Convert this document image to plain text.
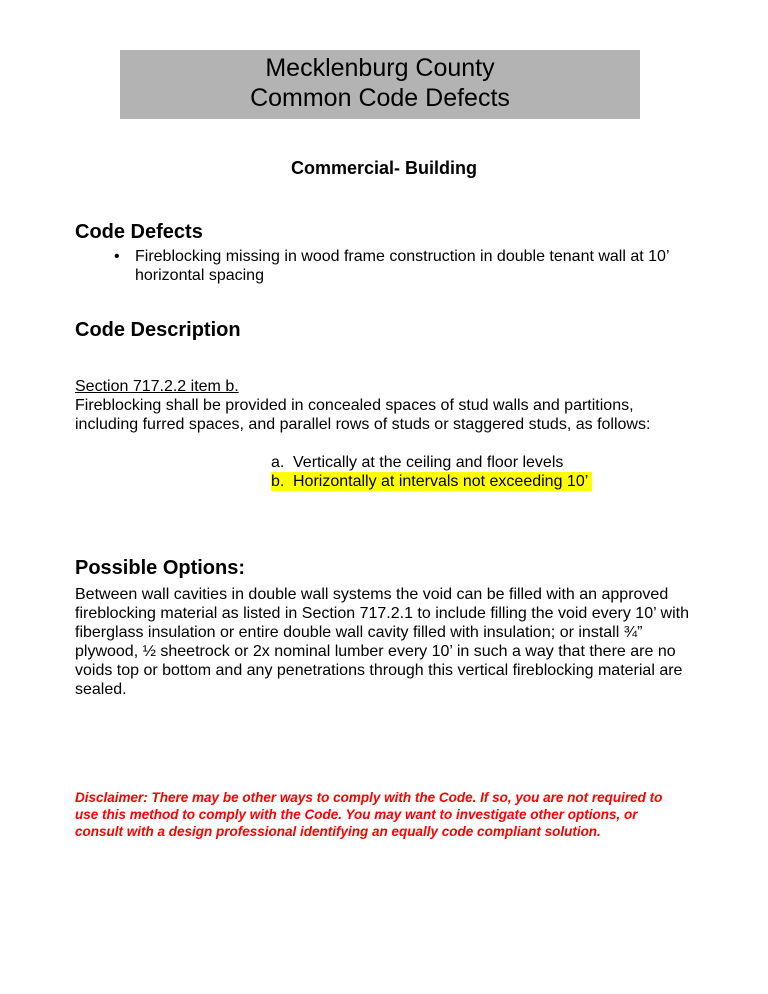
Mecklenburg County
Common Code Defects
Commercial- Building
Code Defects
• Fireblocking missing in wood frame construction in double tenant wall at 10’ horizontal spacing
Code Description
Section 717.2.2 item b.
Fireblocking shall be provided in concealed spaces of stud walls and partitions, including furred spaces, and parallel rows of studs or staggered studs, as follows:
a. Vertically at the ceiling and floor levels
b. Horizontally at intervals not exceeding 10’
Possible Options:
Between wall cavities in double wall systems the void can be filled with an approved fireblocking material as listed in Section 717.2.1 to include filling the void every 10’ with fiberglass insulation or entire double wall cavity filled with insulation; or install ¾” plywood, ½ sheetrock or 2x nominal lumber every 10’ in such a way that there are no voids top or bottom and any penetrations through this vertical fireblocking material are sealed.
Disclaimer: There may be other ways to comply with the Code. If so, you are not required to use this method to comply with the Code. You may want to investigate other options, or consult with a design professional identifying an equally code compliant solution.
